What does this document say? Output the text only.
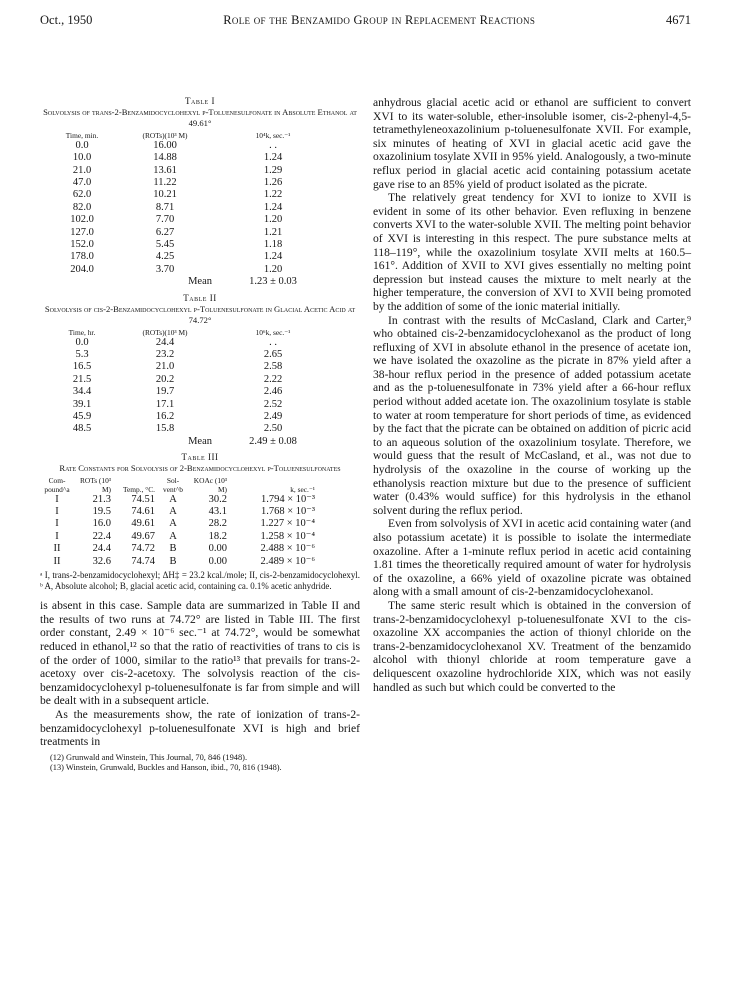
Oct., 1950	Role of the Benzamido Group in Replacement Reactions	4671
Table I
Solvolysis of trans-2-Benzamidocyclohexyl p-Toluenesulfonate in Absolute Ethanol at 49.61°
Time, min.	(ROTs)(10³ M)	10⁴k, sec.⁻¹
0.0	16.00	. .
10.0	14.88	1.24
21.0	13.61	1.29
47.0	11.22	1.26
62.0	10.21	1.22
82.0	8.71	1.24
102.0	7.70	1.20
127.0	6.27	1.21
152.0	5.45	1.18
178.0	4.25	1.24
204.0	3.70	1.20
	Mean	1.23 ± 0.03
Table II
Solvolysis of cis-2-Benzamidocyclohexyl p-Toluenesulfonate in Glacial Acetic Acid at 74.72°
Time, hr.	(ROTs)(10³ M)	10⁶k, sec.⁻¹
0.0	24.4	. .
5.3	23.2	2.65
16.5	21.0	2.58
21.5	20.2	2.22
34.4	19.7	2.46
39.1	17.1	2.52
45.9	16.2	2.49
48.5	15.8	2.50
	Mean	2.49 ± 0.08
Table III
Rate Constants for Solvolysis of 2-Benzamidocyclohexyl p-Toluenesulfonates
Com-pound^a	ROTs (10³ M)	Temp., °C.	Sol-vent^b	KOAc (10³ M)	k, sec.⁻¹
I	21.3	74.51	A	30.2	1.794 × 10⁻³
I	19.5	74.61	A	43.1	1.768 × 10⁻³
I	16.0	49.61	A	28.2	1.227 × 10⁻⁴
I	22.4	49.67	A	18.2	1.258 × 10⁻⁴
II	24.4	74.72	B	0.00	2.488 × 10⁻⁶
II	32.6	74.74	B	0.00	2.489 × 10⁻⁶
ᵃ I, trans-2-benzamidocyclohexyl; ΔH‡ = 23.2 kcal./mole; II, cis-2-benzamidocyclohexyl. ᵇ A, Absolute alcohol; B, glacial acetic acid, containing ca. 0.1% acetic anhydride.

is absent in this case. Sample data are summarized in Table II and the results of two runs at 74.72° are listed in Table III. The first order constant, 2.49 × 10⁻⁶ sec.⁻¹ at 74.72°, would be somewhat reduced in ethanol,¹² so that the ratio of reactivities of trans to cis is of the order of 1000, similar to the ratio¹³ that prevails for trans-2-acetoxy over cis-2-acetoxy. The solvolysis reaction of the cis-benzamidocyclohexyl p-toluenesulfonate is far from simple and will be dealt with in a subsequent article.

As the measurements show, the rate of ionization of trans-2-benzamidocyclohexyl p-toluenesulfonate XVI is high and brief treatments in

(12) Grunwald and Winstein, This Journal, 70, 846 (1948).

(13) Winstein, Grunwald, Buckles and Hanson, ibid., 70, 816 (1948).

anhydrous glacial acetic acid or ethanol are sufficient to convert XVI to its water-soluble, ether-insoluble isomer, cis-2-phenyl-4,5-tetramethyleneoxazolinium p-toluenesulfonate XVII. For example, six minutes of heating of XVI in glacial acetic acid gave the oxazolinium tosylate XVII in 95% yield. Analogously, a two-minute reflux period in glacial acetic acid containing potassium acetate gave rise to an 85% yield of product isolated as the picrate.

The relatively great tendency for XVI to ionize to XVII is evident in some of its other behavior. Even refluxing in benzene converts XVI to the water-soluble XVII. The melting point behavior of XVI is interesting in this respect. The pure substance melts at 118–119°, while the oxazolinium tosylate XVII melts at 160.5–161°. Addition of XVII to XVI gives essentially no melting point depression but instead causes the mixture to melt nearly at the higher temperature, the conversion of XVI to XVII being promoted by the addition of some of the ionic material initially.

In contrast with the results of McCasland, Clark and Carter,⁹ who obtained cis-2-benzamidocyclohexanol as the product of long refluxing of XVI in absolute ethanol in the presence of acetate ion, we have isolated the oxazoline as the picrate in 87% yield after a 38-hour reflux period in the presence of added potassium acetate and as the p-toluenesulfonate in 73% yield after a 66-hour reflux period without added acetate ion. The oxazolinium tosylate is stable to water at room temperature for short periods of time, as evidenced by the fact that the picrate can be obtained on addition of picric acid to an aqueous solution of the oxazolinium tosylate. Therefore, we would guess that the result of McCasland, et al., was not due to hydrolysis of the oxazoline in the course of working up the ethanolysis reaction mixture but due to the presence of sufficient water (0.43% would suffice) for this hydrolysis in the ethanol solvent during the reflux period.

Even from solvolysis of XVI in acetic acid containing water (and also potassium acetate) it is possible to isolate the intermediate oxazoline. After a 1-minute reflux period in acetic acid containing 1.81 times the theoretically required amount of water for hydrolysis of the oxazoline, a 66% yield of oxazoline picrate was obtained along with a small amount of cis-2-benzamidocyclohexanol.

The same steric result which is obtained in the conversion of trans-2-benzamidocyclohexyl p-toluenesulfonate XVI to the cis-oxazoline XX accompanies the action of thionyl chloride on the trans-2-benzamidocyclohexanol XV. Treatment of the benzamido alcohol with thionyl chloride at room temperature gave a deliquescent oxazoline hydrochloride XIX, which was not easily handled as such but which could be converted to the
